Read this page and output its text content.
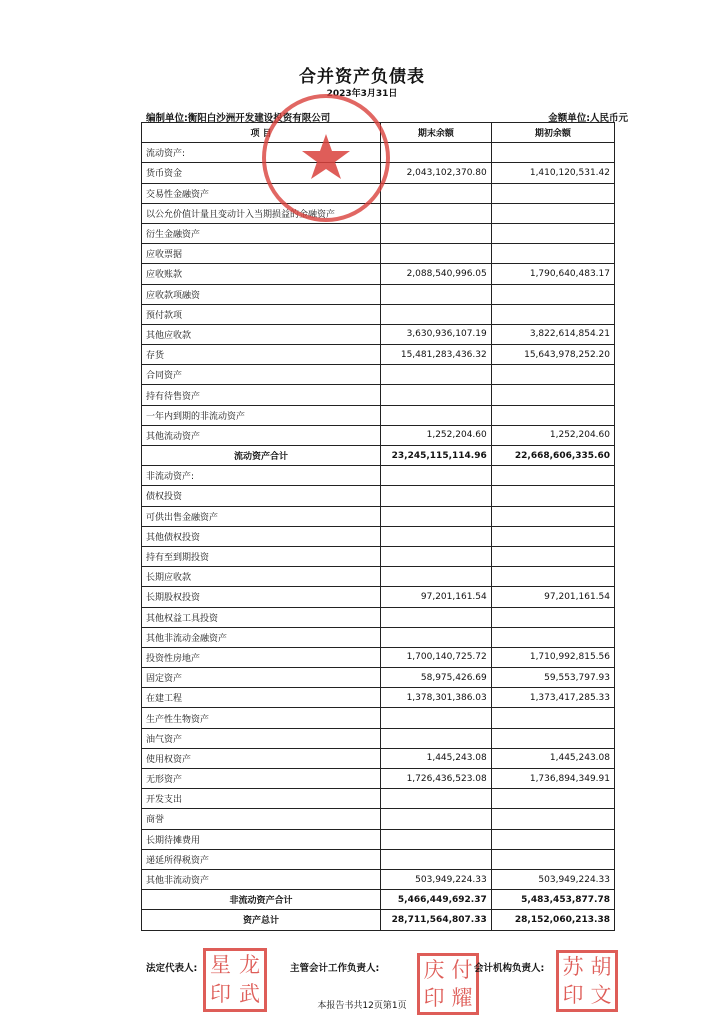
合并资产负债表
2023年3月31日
编制单位:衡阳白沙洲开发建设投资有限公司	金额单位:人民币元
项 目	期末余额	期初余额
流动资产:		
货币资金	2,043,102,370.80	1,410,120,531.42
交易性金融资产		
以公允价值计量且变动计入当期损益的金融资产		
衍生金融资产		
应收票据		
应收账款	2,088,540,996.05	1,790,640,483.17
应收款项融资		
预付款项		
其他应收款	3,630,936,107.19	3,822,614,854.21
存货	15,481,283,436.32	15,643,978,252.20
合同资产		
持有待售资产		
一年内到期的非流动资产		
其他流动资产	1,252,204.60	1,252,204.60
流动资产合计	23,245,115,114.96	22,668,606,335.60
非流动资产:		
债权投资		
可供出售金融资产		
其他债权投资		
持有至到期投资		
长期应收款		
长期股权投资	97,201,161.54	97,201,161.54
其他权益工具投资		
其他非流动金融资产		
投资性房地产	1,700,140,725.72	1,710,992,815.56
固定资产	58,975,426.69	59,553,797.93
在建工程	1,378,301,386.03	1,373,417,285.33
生产性生物资产		
油气资产		
使用权资产	1,445,243.08	1,445,243.08
无形资产	1,726,436,523.08	1,736,894,349.91
开发支出		
商誉		
长期待摊费用		
递延所得税资产		
其他非流动资产	503,949,224.33	503,949,224.33
非流动资产合计	5,466,449,692.37	5,483,453,877.78
资产总计	28,711,564,807.33	28,152,060,213.38
法定代表人: 星 龙
印 武
主管会计工作负责人: 庆 付
印 耀
会计机构负责人: 苏 胡
印 文
本报告书共12页第1页
